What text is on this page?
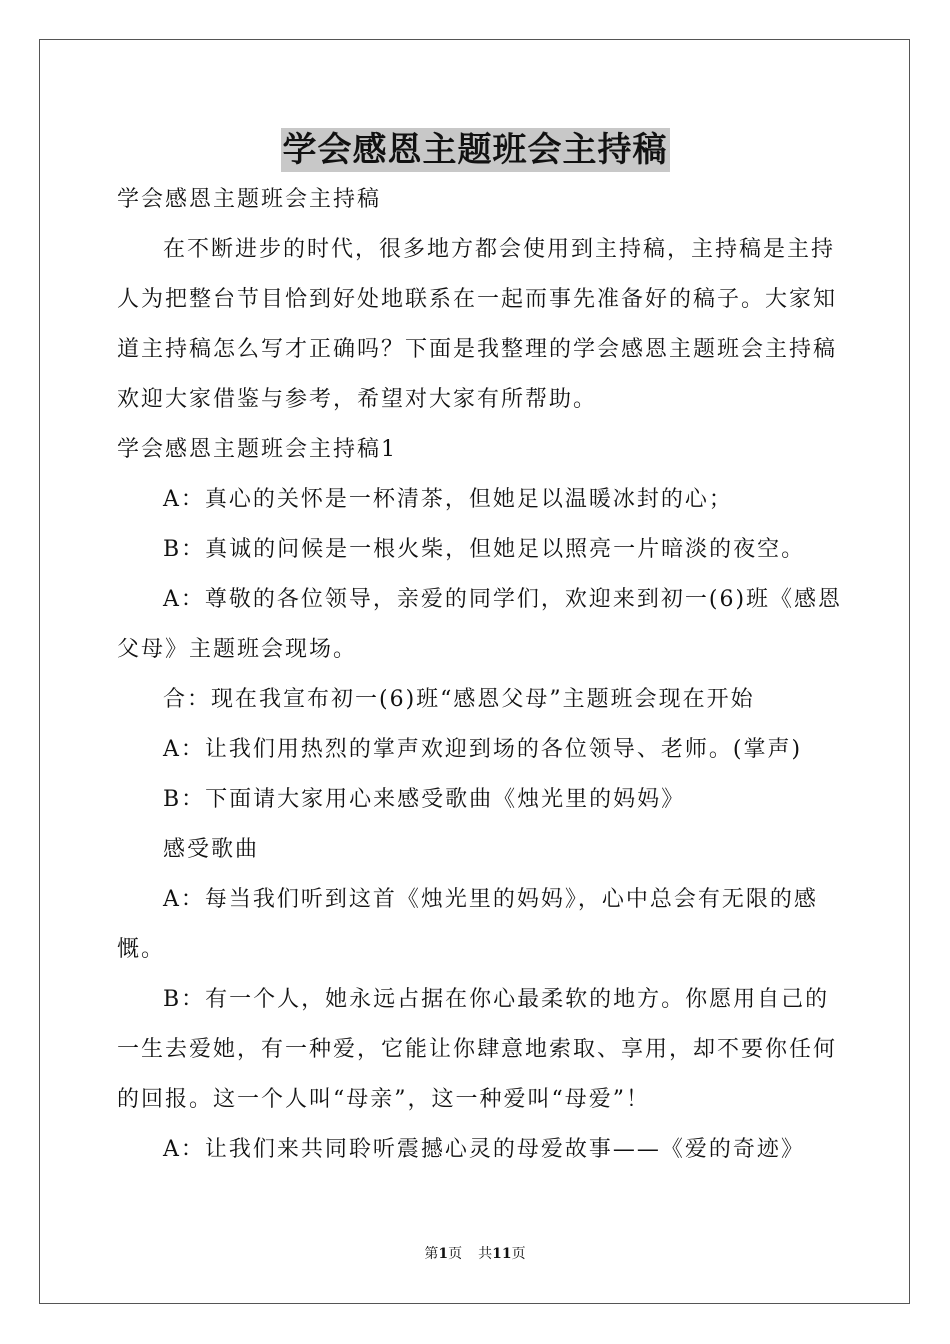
学会感恩主题班会主持稿

学会感恩主题班会主持稿

在不断进步的时代，很多地方都会使用到主持稿，主持稿是主持

人为把整台节目恰到好处地联系在一起而事先准备好的稿子。大家知

道主持稿怎么写才正确吗？下面是我整理的学会感恩主题班会主持稿

欢迎大家借鉴与参考，希望对大家有所帮助。

学会感恩主题班会主持稿1

A：真心的关怀是一杯清茶，但她足以温暖冰封的心；

B：真诚的问候是一根火柴，但她足以照亮一片暗淡的夜空。

A：尊敬的各位领导，亲爱的同学们，欢迎来到初一(6)班《感恩

父母》主题班会现场。

合：现在我宣布初一(6)班“感恩父母”主题班会现在开始

A：让我们用热烈的掌声欢迎到场的各位领导、老师。(掌声)

B：下面请大家用心来感受歌曲《烛光里的妈妈》

感受歌曲

A：每当我们听到这首《烛光里的妈妈》，心中总会有无限的感

慨。

B：有一个人，她永远占据在你心最柔软的地方。你愿用自己的

一生去爱她，有一种爱，它能让你肆意地索取、享用，却不要你任何

的回报。这一个人叫“母亲”，这一种爱叫“母爱”！

A：让我们来共同聆听震撼心灵的母爱故事——《爱的奇迹》

第1页 共11页
